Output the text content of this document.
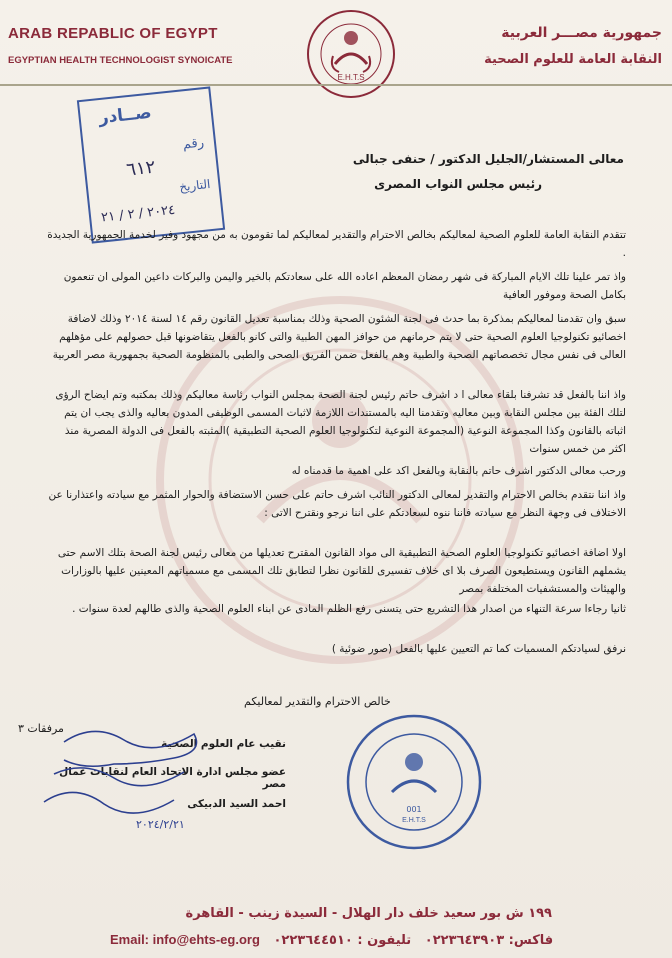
ARAB REPABLIC OF EGYPT
EGYPTIAN HEALTH TECHNOLOGIST SYNOICATE
جمهورية مصـــر العربية
النقابة العامة للعلوم الصحية
E.H.T.S
صــادر
رقم
٦١٢
التاريخ
٢٠٢٤ / ٢ / ٢١
معالى المستشار/الجليل الدكتور / حنفى جبالى
رئيس مجلس النواب المصرى
تتقدم النقابة العامة للعلوم الصحية لمعاليكم بخالص الاحترام والتقدير لمعاليكم لما تقومون به من مجهود وفير لخدمة الجمهورية الجديدة .
واذ تمر علينا تلك الايام المباركة فى شهر رمضان المعظم اعاده الله على سعادتكم بالخير واليمن والبركات داعين المولى ان تنعمون بكامل الصحة وموفور العافية
سبق وان تقدمنا لمعاليكم بمذكرة بما حدث فى لجنة الشئون الصحية وذلك بمناسبة تعديل القانون رقم ١٤ لسنة ٢٠١٤ وذلك لاضافة اخصائيو تكنولوجيا العلوم الصحية حتى لا يتم حرمانهم من حوافز المهن الطبية والتى كانو بالفعل يتقاضونها قبل حصولهم على مؤهلهم العالى فى نفس مجال تخصصاتهم الصحية والطبية وهم بالفعل ضمن الفريق الصحى والطبى بالمنظومة الصحية بجمهورية مصر العربية
واذ اننا بالفعل قد تشرفنا بلقاء معالى ا د اشرف حاتم رئيس لجنة الصحة بمجلس النواب رئاسة معاليكم وذلك بمكتبه وتم ايضاح الرؤى لتلك الفئة بين مجلس النقابة وبين معاليه وتقدمنا اليه بالمستندات اللازمة لاثبات المسمى الوظيفى المدون بعاليه والذى يجب ان يتم اثباته بالقانون وكذا المجموعة النوعية (المجموعة النوعية لتكنولوجيا العلوم الصحية التطبيقية )المثبته بالفعل فى الدولة المصرية منذ اكثر من خمس سنوات
ورحب معالى الدكتور اشرف حاتم بالنقابة وبالفعل اكد على اهمية ما قدمناه له
واذ اننا نتقدم بخالص الاحترام والتقدير لمعالى الدكتور النائب اشرف حاتم على حسن الاستضافة والحوار المثمر مع سيادته واعتذارنا عن الاختلاف فى وجهة النظر مع سيادته فاننا ننوه لسعادتكم على اننا نرجو ونقترح الاتى :
اولا اضافة اخصائيو تكنولوجيا العلوم الصحية التطبيقية الى مواد القانون المقترح تعديلها من معالى رئيس لجنة الصحة بتلك الاسم حتى يشملهم القانون ويستطيعون الصرف بلا اى خلاف تفسيرى للقانون نظرا لتطابق تلك المسمى مع مسمياتهم المعينين عليها بالوزارات والهيئات والمستشفيات المختلفة بمصر
ثانيا رجاءا سرعة التنهاء من اصدار هذا التشريع حتى يتسنى رفع الظلم المادى عن ابناء العلوم الصحية والذى طالهم لعدة سنوات .
نرفق لسيادتكم المسميات كما تم التعيين عليها بالفعل (صور ضوئية )
خالص الاحترام والتقدير لمعاليكم
مرفقات ٣
نقيب عام العلوم الصحية
عضو مجلس ادارة الاتحاد العام لنقابات عمال مصر
احمد السيد الدبيكى
٢٠٢٤/٢/٢١
001
E.H.T.S
١٩٩ ش بور سعيد خلف دار الهلال - السيدة زينب - القاهرة
Email: info@ehts-eg.org	فاكس: ٠٢٢٣٦٤٣٩٠٣   تليفون : ٠٢٢٣٦٤٤٥١٠
